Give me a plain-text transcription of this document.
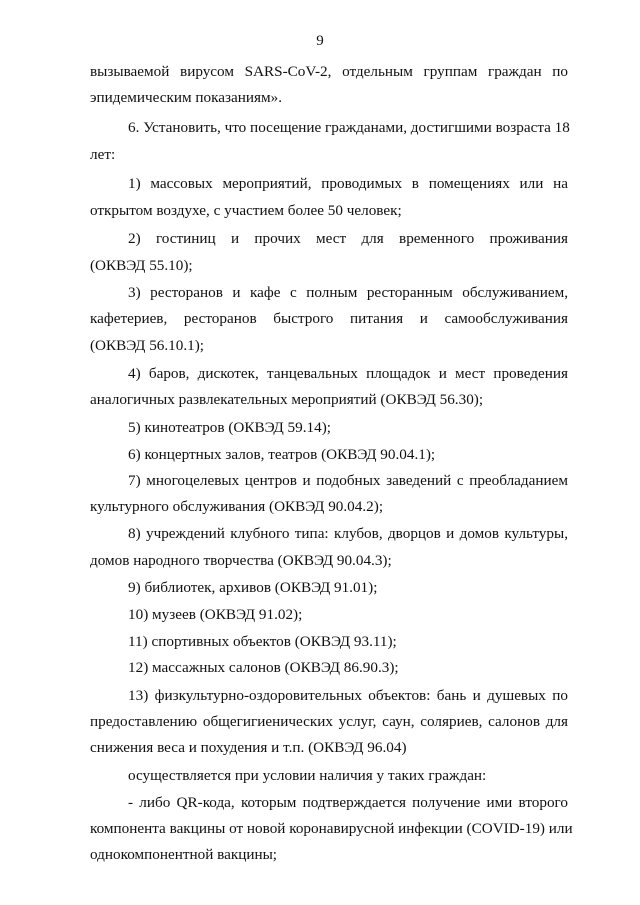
9
вызываемой вирусом SARS-CoV-2, отдельным группам граждан по
эпидемическим показаниям».
6. Установить, что посещение гражданами, достигшими возраста 18
лет:
1) массовых мероприятий, проводимых в помещениях или на
открытом воздухе, с участием более 50 человек;
2) гостиниц и прочих мест для временного проживания
(ОКВЭД 55.10);
3) ресторанов и кафе с полным ресторанным обслуживанием,
кафетериев, ресторанов быстрого питания и самообслуживания
(ОКВЭД 56.10.1);
4) баров, дискотек, танцевальных площадок и мест проведения
аналогичных развлекательных мероприятий (ОКВЭД 56.30);
5) кинотеатров (ОКВЭД 59.14);
6) концертных залов, театров (ОКВЭД 90.04.1);
7) многоцелевых центров и подобных заведений с преобладанием
культурного обслуживания (ОКВЭД 90.04.2);
8) учреждений клубного типа: клубов, дворцов и домов культуры,
домов народного творчества (ОКВЭД 90.04.3);
9) библиотек, архивов (ОКВЭД 91.01);
10) музеев (ОКВЭД 91.02);
11) спортивных объектов (ОКВЭД 93.11);
12) массажных салонов (ОКВЭД 86.90.3);
13) физкультурно-оздоровительных объектов: бань и душевых по
предоставлению общегигиенических услуг, саун, соляриев, салонов для
снижения веса и похудения и т.п. (ОКВЭД 96.04)
осуществляется при условии наличия у таких граждан:
- либо QR-кода, которым подтверждается получение ими второго
компонента вакцины от новой коронавирусной инфекции (COVID-19) или
однокомпонентной вакцины;
